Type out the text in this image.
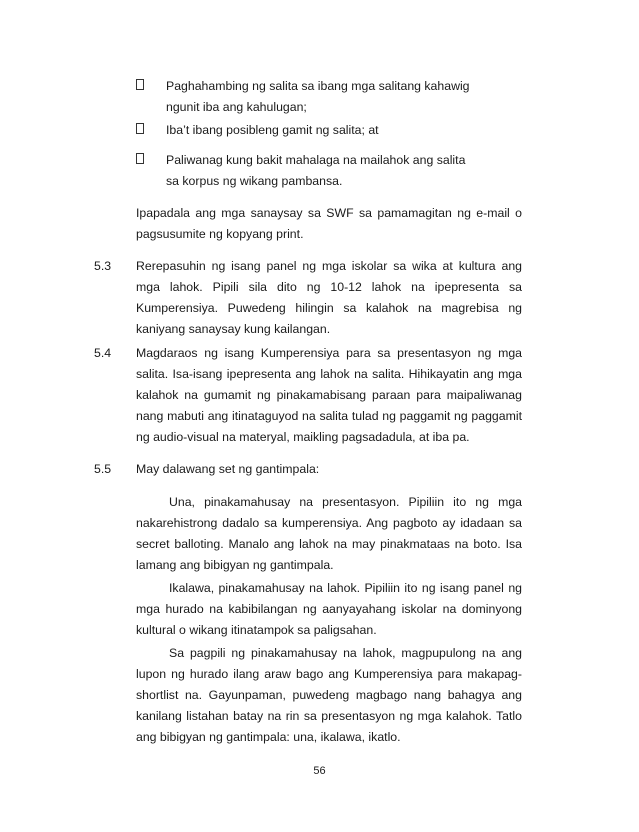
Paghahambing ng salita sa ibang mga salitang kahawig
ngunit iba ang kahulugan;
Iba’t ibang posibleng gamit ng salita; at
Paliwanag kung bakit mahalaga na mailahok ang salita
sa korpus ng wikang pambansa.
Ipapadala ang mga sanaysay sa SWF sa pamamagitan ng e-mail o pagsusumite ng kopyang print.
5.3 Rerepasuhin ng isang panel ng mga iskolar sa wika at kultura ang mga lahok. Pipili sila dito ng 10-12 lahok na ipepresenta sa Kumperensiya. Puwedeng hilingin sa kalahok na magrebisa ng kaniyang sanaysay kung kailangan.
5.4 Magdaraos ng isang Kumperensiya para sa presentasyon ng mga salita. Isa-isang ipepresenta ang lahok na salita. Hihikayatin ang mga kalahok na gumamit ng pinakamabisang paraan para maipaliwanag nang mabuti ang itinataguyod na salita tulad ng paggamit ng paggamit ng audio-visual na materyal, maikling pagsadadula, at iba pa.
5.5 May dalawang set ng gantimpala:
Una, pinakamahusay na presentasyon. Pipiliin ito ng mga nakarehistrong dadalo sa kumperensiya. Ang pagboto ay idadaan sa secret balloting. Manalo ang lahok na may pinakmataas na boto. Isa lamang ang bibigyan ng gantimpala.
Ikalawa, pinakamahusay na lahok. Pipiliin ito ng isang panel ng mga hurado na kabibilangan ng aanyayahang iskolar na dominyong kultural o wikang itinatampok sa paligsahan.
Sa pagpili ng pinakamahusay na lahok, magpupulong na ang lupon ng hurado ilang araw bago ang Kumperensiya para makapag-shortlist na. Gayunpaman, puwedeng magbago nang bahagya ang kanilang listahan batay na rin sa presentasyon ng mga kalahok. Tatlo ang bibigyan ng gantimpala: una, ikalawa, ikatlo.
56
